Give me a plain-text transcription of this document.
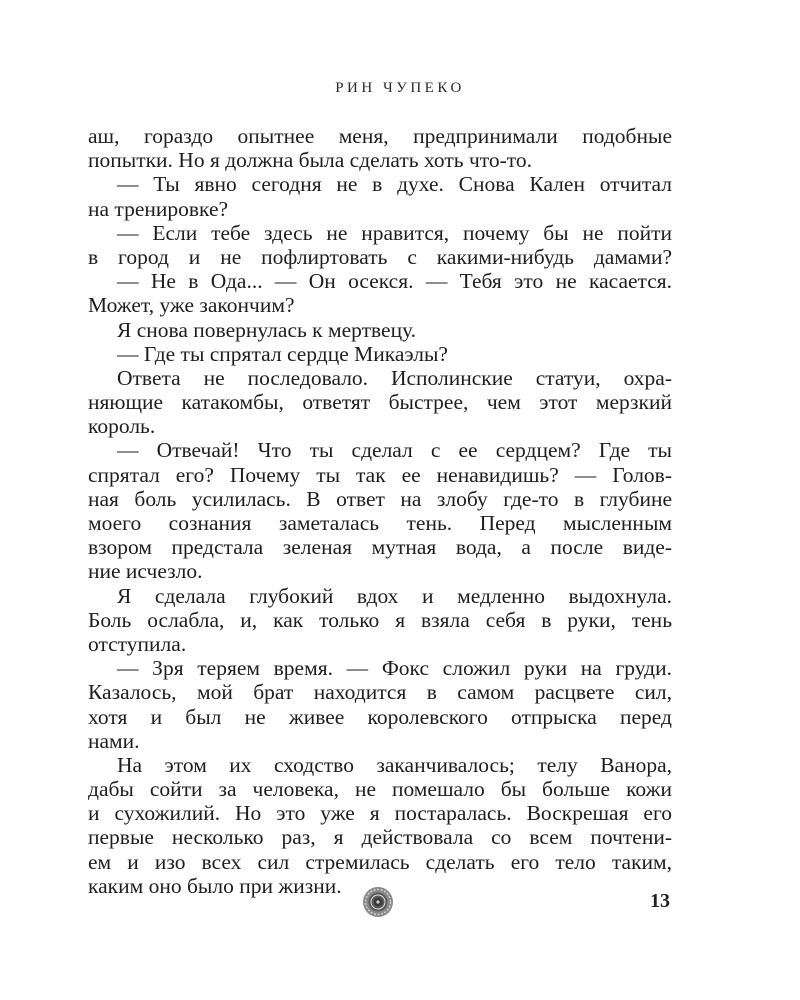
РИН ЧУПЕКО
аш, гораздо опытнее меня, предпринимали подобные
попытки. Но я должна была сделать хоть что-то.
— Ты явно сегодня не в духе. Снова Кален отчитал
на тренировке?
— Если тебе здесь не нравится, почему бы не пойти
в город и не пофлиртовать с какими-нибудь дамами?
— Не в Ода... — Он осекся. — Тебя это не касается.
Может, уже закончим?
Я снова повернулась к мертвецу.
— Где ты спрятал сердце Микаэлы?
Ответа не последовало. Исполинские статуи, охра-
няющие катакомбы, ответят быстрее, чем этот мерзкий
король.
— Отвечай! Что ты сделал с ее сердцем? Где ты
спрятал его? Почему ты так ее ненавидишь? — Голов-
ная боль усилилась. В ответ на злобу где-то в глубине
моего сознания заметалась тень. Перед мысленным
взором предстала зеленая мутная вода, а после виде-
ние исчезло.
Я сделала глубокий вдох и медленно выдохнула.
Боль ослабла, и, как только я взяла себя в руки, тень
отступила.
— Зря теряем время. — Фокс сложил руки на груди.
Казалось, мой брат находится в самом расцвете сил,
хотя и был не живее королевского отпрыска перед
нами.
На этом их сходство заканчивалось; телу Ванора,
дабы сойти за человека, не помешало бы больше кожи
и сухожилий. Но это уже я постаралась. Воскрешая его
первые несколько раз, я действовала со всем почтени-
ем и изо всех сил стремилась сделать его тело таким,
каким оно было при жизни.
13
